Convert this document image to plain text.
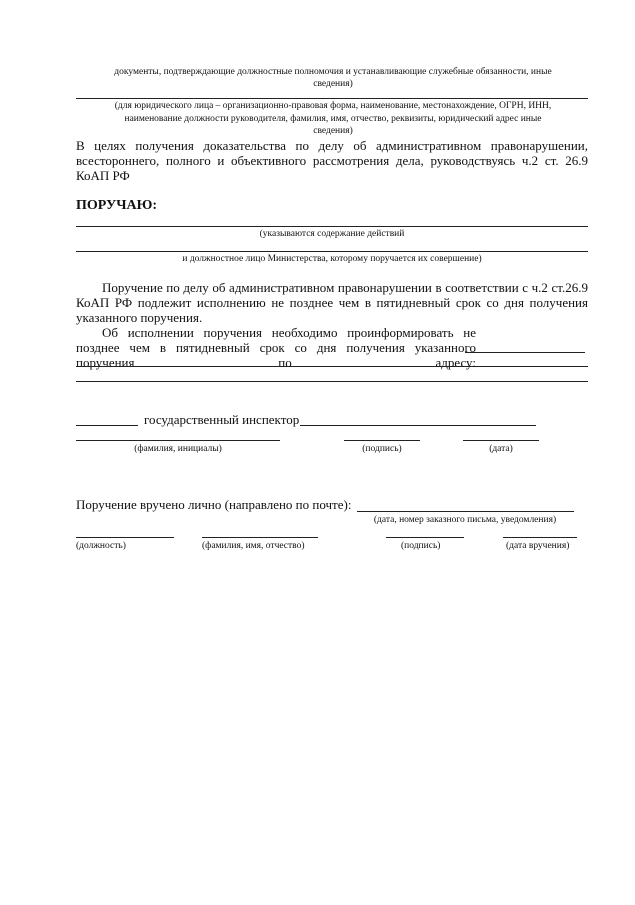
документы, подтверждающие должностные полномочия и устанавливающие служебные обязанности, иные
сведения)
(для юридического лица – организационно-правовая форма, наименование, местонахождение, ОГРН, ИНН,
наименование должности руководителя, фамилия, имя, отчество, реквизиты, юридический адрес иные
сведения)
В целях получения доказательства по делу об административном правонарушении, всестороннего, полного и объективного рассмотрения дела, руководствуясь ч.2 ст. 26.9 КоАП РФ
ПОРУЧАЮ:
(указываются содержание действий
и должностное лицо Министерства, которому поручается их совершение)
Поручение по делу об административном правонарушении в соответствии с ч.2 ст.26.9 КоАП РФ подлежит исполнению не позднее чем в пятидневный срок со дня получения указанного поручения.
Об исполнении поручения необходимо проинформировать не позднее чем в пятидневный срок со дня получения указанного поручения по адресу:
государственный инспектор
(фамилия, инициалы)	(подпись)	(дата)
Поручение вручено лично (направлено по почте):
(дата, номер заказного письма, уведомления)
(должность)	(фамилия, имя, отчество)	(подпись)	(дата вручения)
